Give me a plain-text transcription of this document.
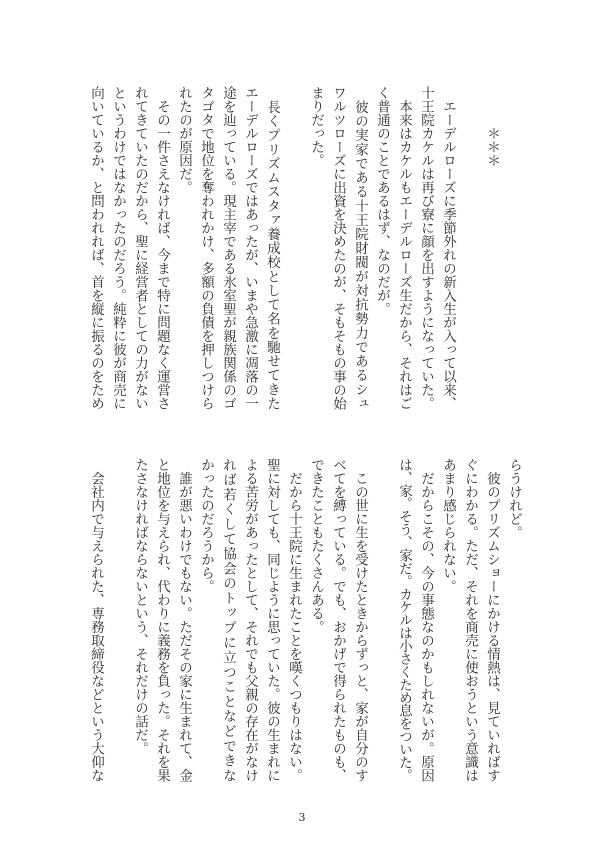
　　　＊＊＊
　エーデルローズに季節外れの新入生が入って以来、
十王院カケルは再び寮に顔を出すようになっていた。
　本来はカケルもエーデルローズ生だから、それはご
く普通のことであるはず、なのだが。
　彼の実家である十王院財閥が対抗勢力であるシュ
ワルツローズに出資を決めたのが、そもそもの事の始
まりだった。
　長くプリズムスタァ養成校として名を馳せてきた
エーデルローズではあったが、いまや急激に凋落の一
途を辿っている。現主宰である氷室聖が親族関係のゴ
タゴタで地位を奪われかけ、多額の負債を押しつけら
れたのが原因だ。
　その一件さえなければ、今まで特に問題なく運営さ
れてきていたのだから、聖に経営者としての力がない
というわけではなかったのだろう。純粋に彼が商売に
向いているか、と問われれば、首を縦に振るのをため
らうけれど。
　彼のプリズムショーにかける情熱は、見ていればす
ぐにわかる。ただ、それを商売に使おうという意識は
あまり感じられない。
　だからこその、今の事態なのかもしれないが。原因
は、家。そう、家だ。カケルは小さくため息をついた。
　この世に生を受けたときからずっと、家が自分のす
べてを縛っている。でも、おかげで得られたものも、
できたこともたくさんある。
　だから十王院に生まれたことを嘆くつもりはない。
聖に対しても、同じように思っていた。彼の生まれに
よる苦労があったとして、それでも父親の存在がなけ
れば若くして協会のトップに立つことなどできな
かったのだろうから。
　誰が悪いわけでもない。ただその家に生まれて、金
と地位を与えられ、代わりに義務を負った。それを果
たさなければならないという、それだけの話だ。
　会社内で与えられた、専務取締役などという大仰な
3
